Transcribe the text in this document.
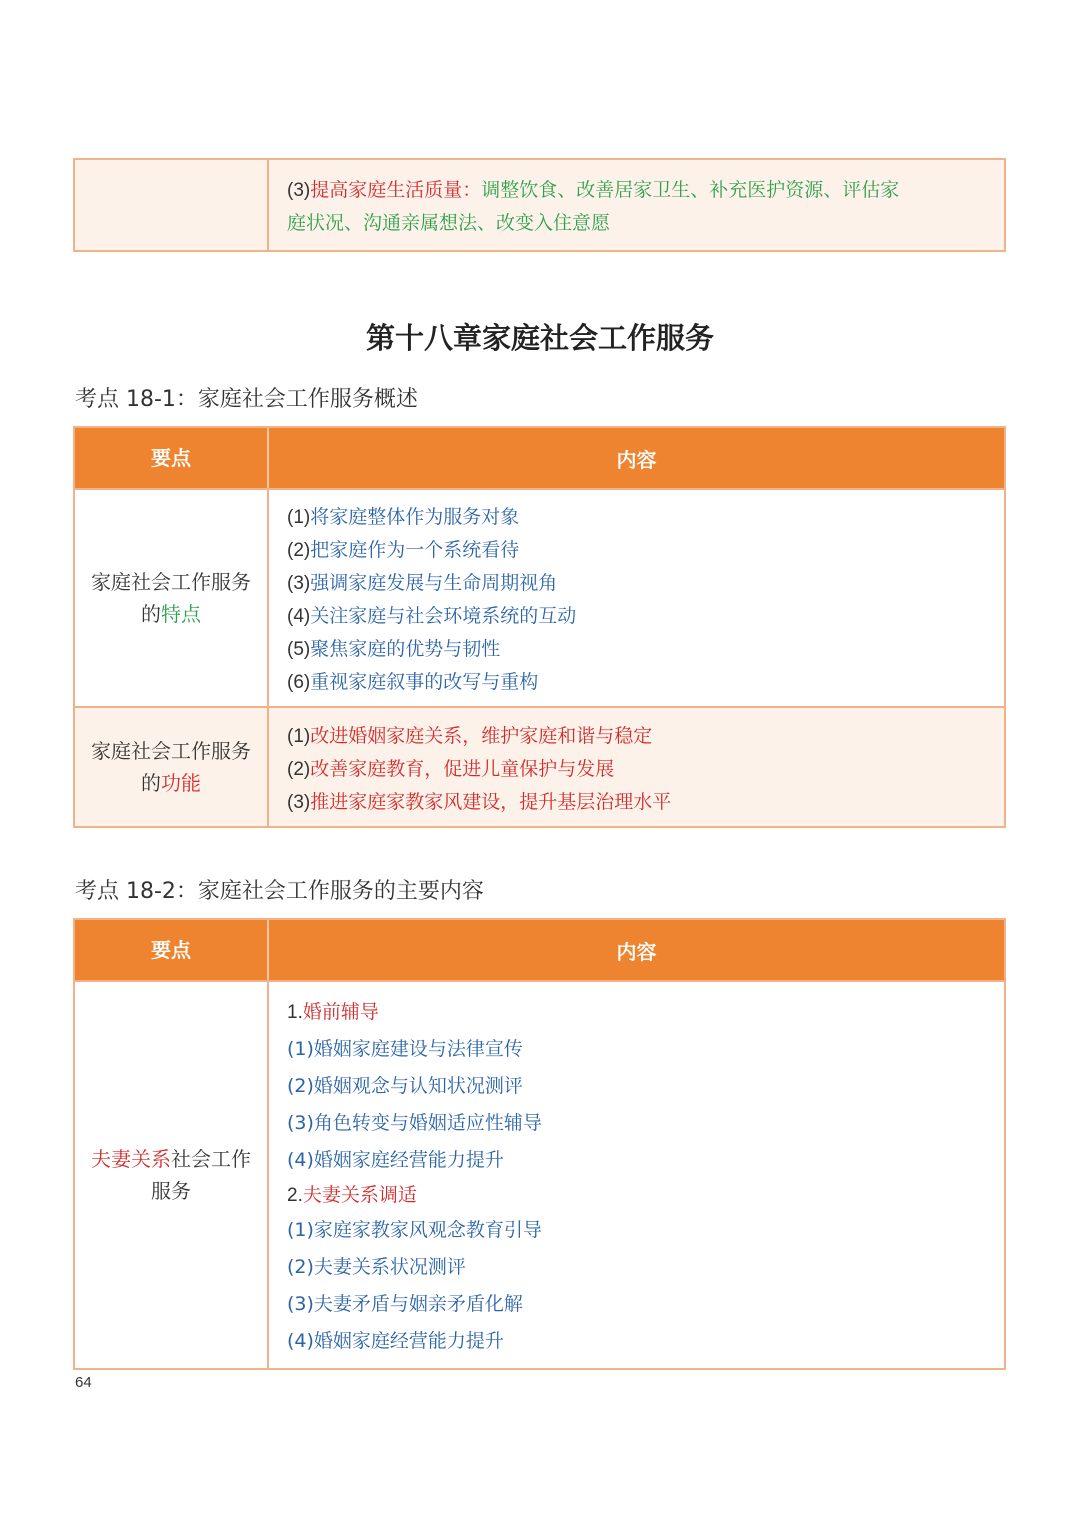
(3)提高家庭生活质量：调整饮食、改善居家卫生、补充医护资源、评估家
庭状况、沟通亲属想法、改变入住意愿
第十八章家庭社会工作服务
考点 18-1：家庭社会工作服务概述
要点	内容
家庭社会工作服务的特点
(1)将家庭整体作为服务对象
(2)把家庭作为一个系统看待
(3)强调家庭发展与生命周期视角
(4)关注家庭与社会环境系统的互动
(5)聚焦家庭的优势与韧性
(6)重视家庭叙事的改写与重构
家庭社会工作服务的功能
(1)改进婚姻家庭关系，维护家庭和谐与稳定
(2)改善家庭教育，促进儿童保护与发展
(3)推进家庭家教家风建设，提升基层治理水平
考点 18-2：家庭社会工作服务的主要内容
要点	内容
夫妻关系社会工作服务
1.婚前辅导
(1)婚姻家庭建设与法律宣传
(2)婚姻观念与认知状况测评
(3)角色转变与婚姻适应性辅导
(4)婚姻家庭经营能力提升
2.夫妻关系调适
(1)家庭家教家风观念教育引导
(2)夫妻关系状况测评
(3)夫妻矛盾与姻亲矛盾化解
(4)婚姻家庭经营能力提升
64
